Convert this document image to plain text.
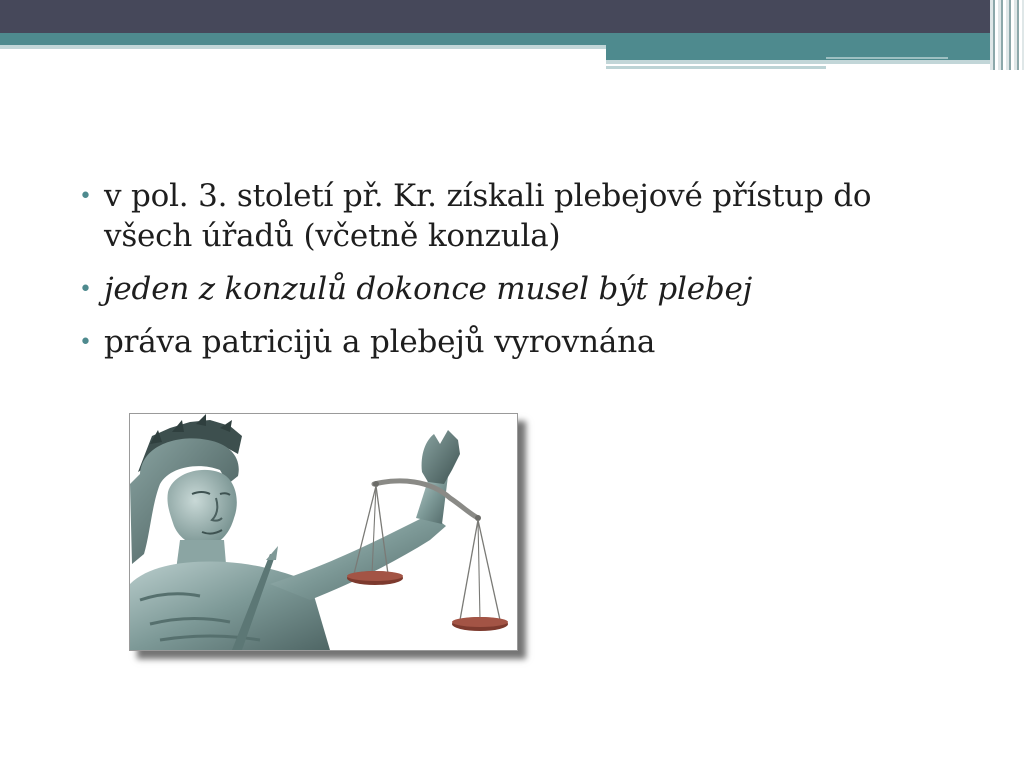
• v pol. 3. století př. Kr. získali plebejové přístup do všech úřadů (včetně konzula)
• jeden z konzulů dokonce musel být plebej
• práva patriciju̇ a plebejů vyrovnána
